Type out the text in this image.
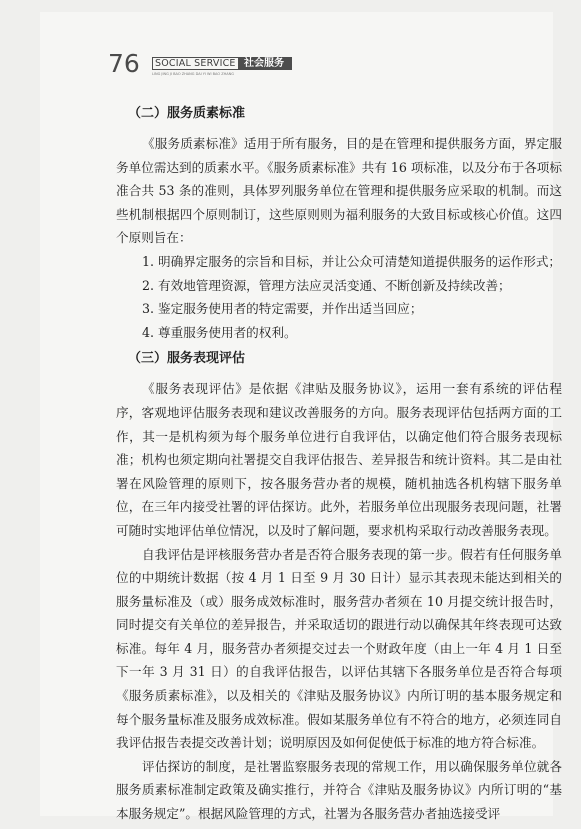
76	SOCIAL SERVICE 社会服务
LING JING JI BAO ZHANG DAI YI WI BAO ZHANG
（二）服务质素标准

《服务质素标准》适用于所有服务，目的是在管理和提供服务方面，界定服务单位需达到的质素水平。《服务质素标准》共有 16 项标准，以及分布于各项标准合共 53 条的准则，具体罗列服务单位在管理和提供服务应采取的机制。而这些机制根据四个原则制订，这些原则则为福利服务的大致目标或核心价值。这四个原则旨在：

1. 明确界定服务的宗旨和目标，并让公众可清楚知道提供服务的运作形式；

2. 有效地管理资源，管理方法应灵活变通、不断创新及持续改善；

3. 鉴定服务使用者的特定需要，并作出适当回应；

4. 尊重服务使用者的权利。

（三）服务表现评估

《服务表现评估》是依据《津贴及服务协议》，运用一套有系统的评估程序，客观地评估服务表现和建议改善服务的方向。服务表现评估包括两方面的工作，其一是机构须为每个服务单位进行自我评估，以确定他们符合服务表现标准；机构也须定期向社署提交自我评估报告、差异报告和统计资料。其二是由社署在风险管理的原则下，按各服务营办者的规模，随机抽选各机构辖下服务单位，在三年内接受社署的评估探访。此外，若服务单位出现服务表现问题，社署可随时实地评估单位情况，以及时了解问题，要求机构采取行动改善服务表现。

自我评估是评核服务营办者是否符合服务表现的第一步。假若有任何服务单位的中期统计数据（按 4 月 1 日至 9 月 30 日计）显示其表现未能达到相关的服务量标准及（或）服务成效标准时，服务营办者须在 10 月提交统计报告时，同时提交有关单位的差异报告，并采取适切的跟进行动以确保其年终表现可达致标准。每年 4 月，服务营办者须提交过去一个财政年度（由上一年 4 月 1 日至下一年 3 月 31 日）的自我评估报告，以评估其辖下各服务单位是否符合每项《服务质素标准》，以及相关的《津贴及服务协议》内所订明的基本服务规定和每个服务量标准及服务成效标准。假如某服务单位有不符合的地方，必须连同自我评估报告表提交改善计划；说明原因及如何促使低于标准的地方符合标准。

评估探访的制度，是社署监察服务表现的常规工作，用以确保服务单位就各服务质素标准制定政策及确实推行，并符合《津贴及服务协议》内所订明的“基本服务规定”。根据风险管理的方式，社署为各服务营办者抽选接受评
